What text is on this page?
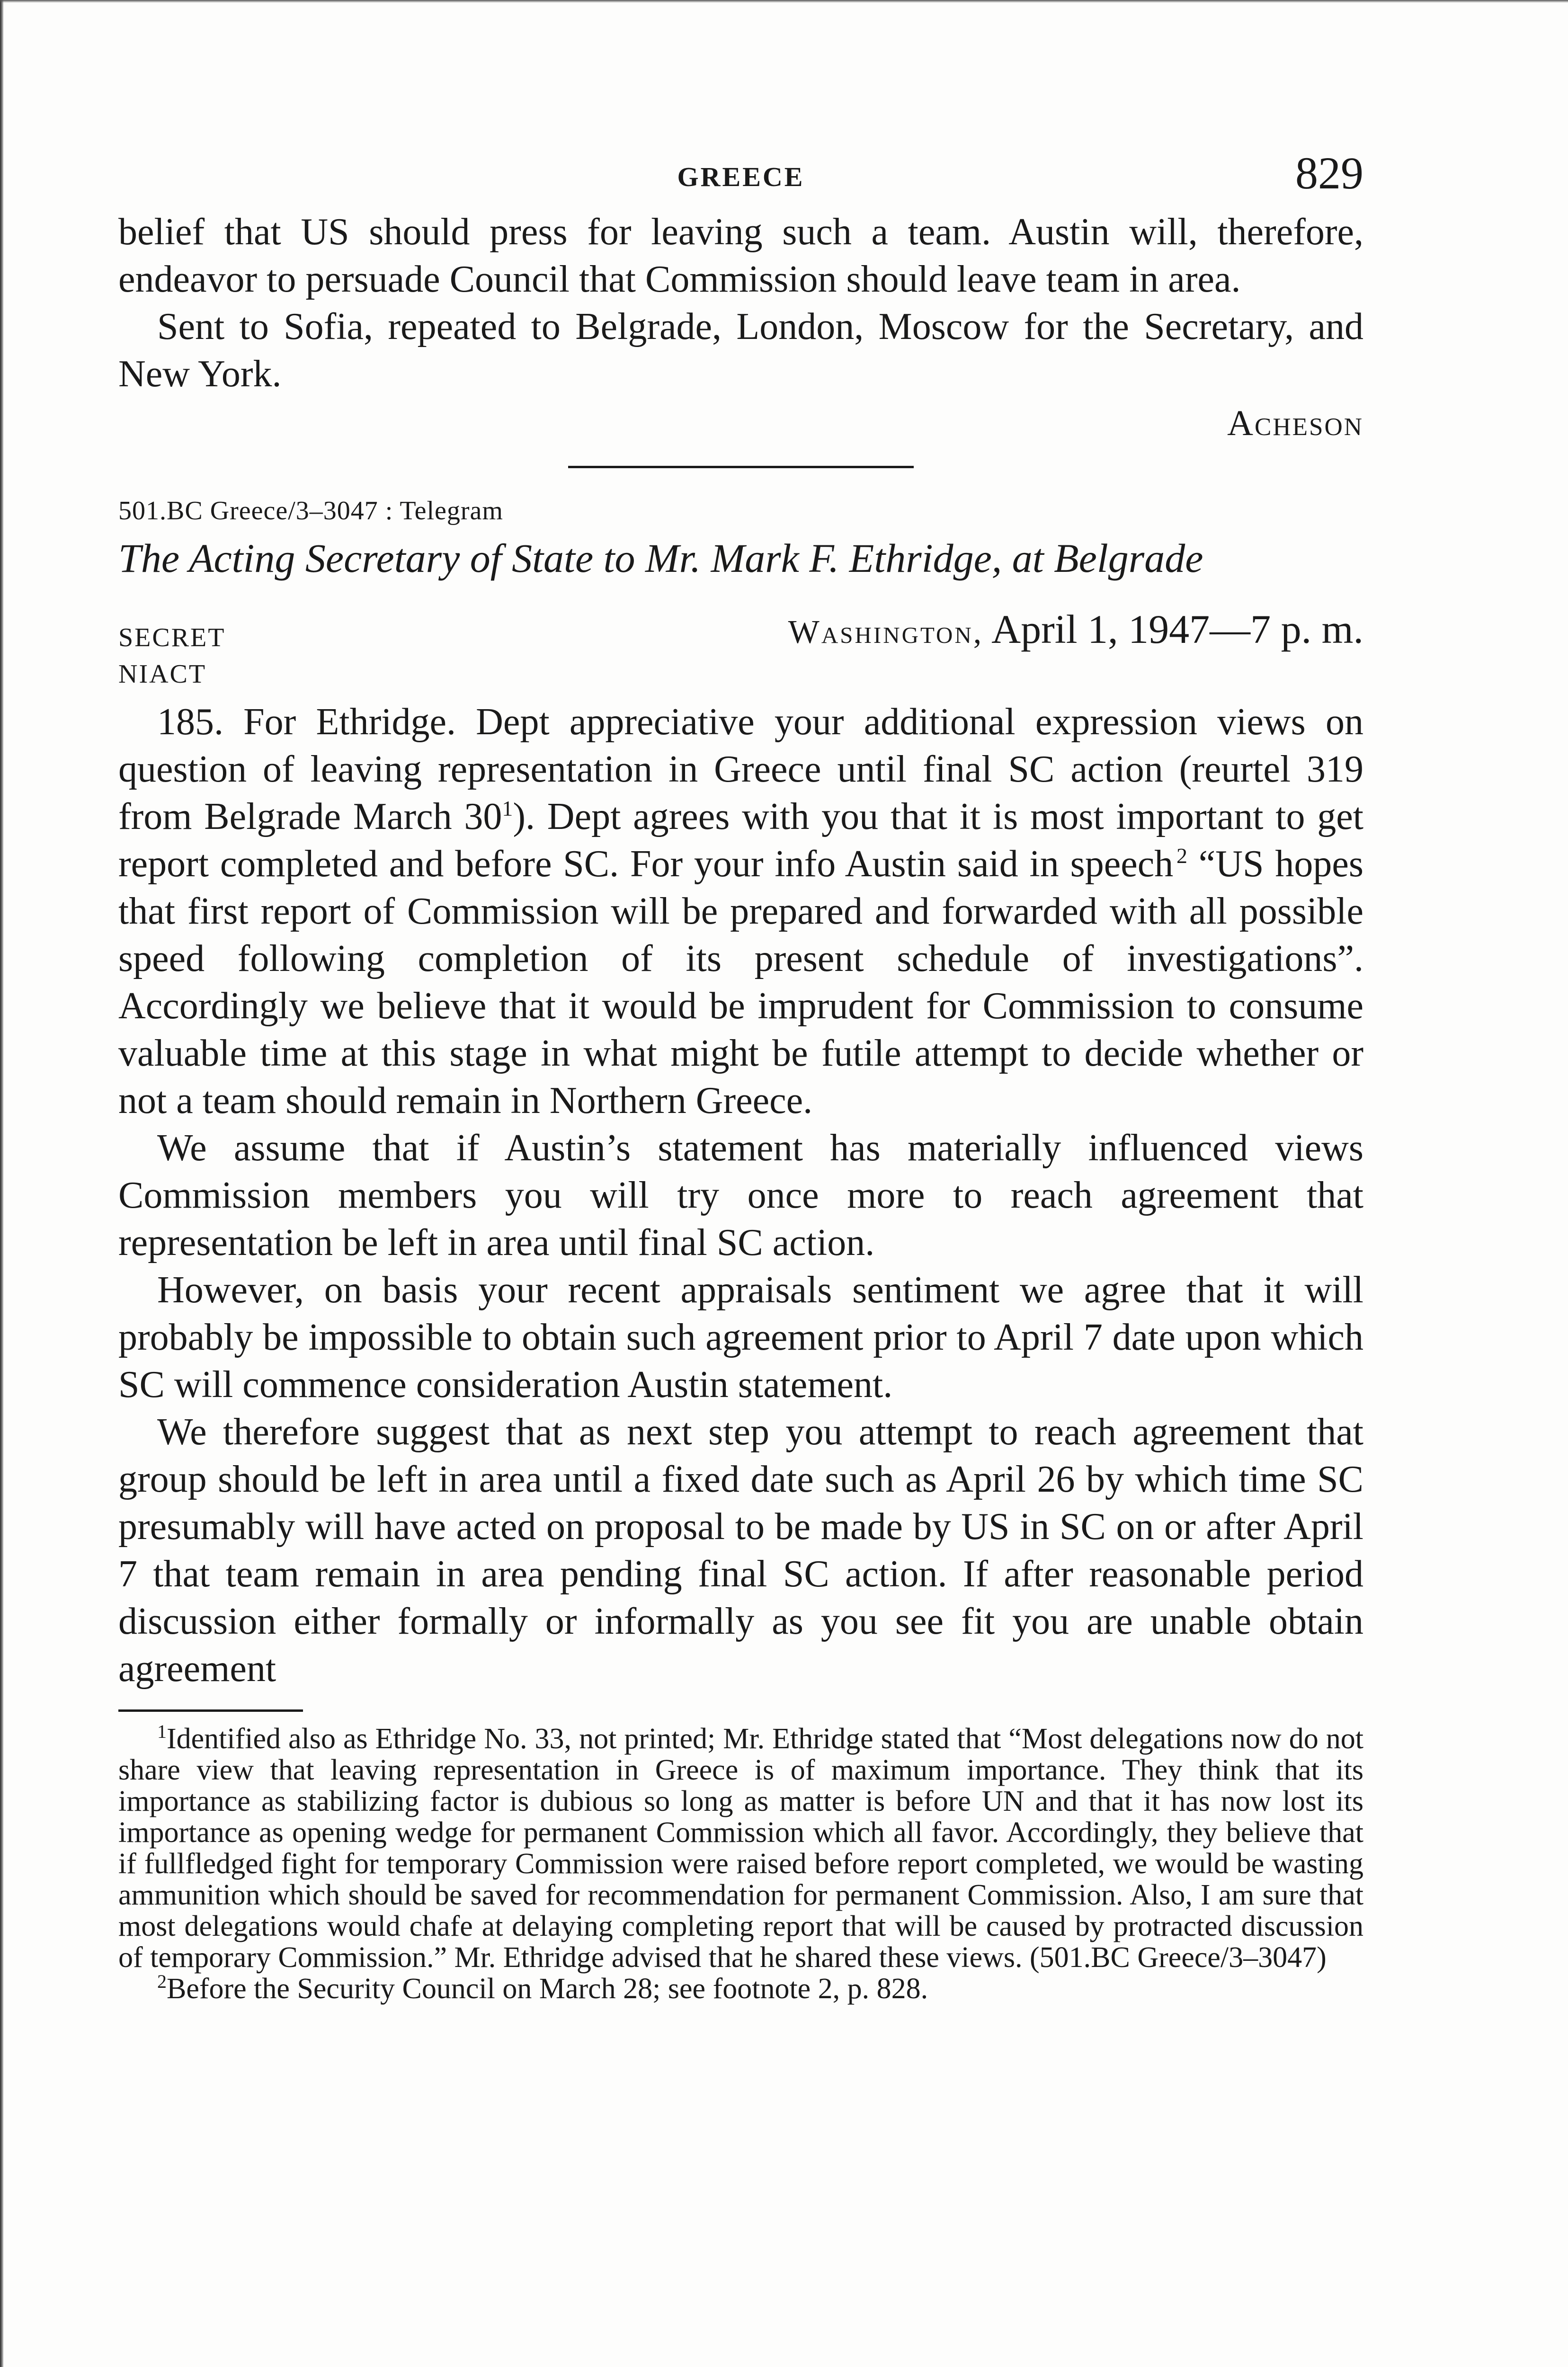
GREECE	829

belief that US should press for leaving such a team. Austin will, therefore, endeavor to persuade Council that Commission should leave team in area.

Sent to Sofia, repeated to Belgrade, London, Moscow for the Secretary, and New York.

Acheson

501.BC Greece/3–3047 : Telegram

The Acting Secretary of State to Mr. Mark F. Ethridge, at Belgrade

SECRET	Washington, April 1, 1947—7 p. m.

NIACT

185. For Ethridge. Dept appreciative your additional expression views on question of leaving representation in Greece until final SC action (reurtel 319 from Belgrade March 30$^1$). Dept agrees with you that it is most important to get report completed and before SC. For your info Austin said in speech  $^2$ “US hopes that first report of Commission will be prepared and forwarded with all possible speed following completion of its present schedule of investigations”. Accordingly we believe that it would be imprudent for Commission to consume valuable time at this stage in what might be futile attempt to decide whether or not a team should remain in Northern Greece.

We assume that if Austin’s statement has materially influenced views Commission members you will try once more to reach agreement that representation be left in area until final SC action.

However, on basis your recent appraisals sentiment we agree that it will probably be impossible to obtain such agreement prior to April 7 date upon which SC will commence consideration Austin statement.

We therefore suggest that as next step you attempt to reach agreement that group should be left in area until a fixed date such as April 26 by which time SC presumably will have acted on proposal to be made by US in SC on or after April 7 that team remain in area pending final SC action. If after reasonable period discussion either formally or informally as you see fit you are unable obtain agreement

$^1$Identified also as Ethridge No. 33, not printed; Mr. Ethridge stated that “Most delegations now do not share view that leaving representation in Greece is of maximum importance. They think that its importance as stabilizing factor is dubious so long as matter is before UN and that it has now lost its importance as opening wedge for permanent Commission which all favor. Accordingly, they believe that if fullfledged fight for temporary Commission were raised before report completed, we would be wasting ammunition which should be saved for recommendation for permanent Commission. Also, I am sure that most delegations would chafe at delaying completing report that will be caused by protracted discussion of temporary Commission.” Mr. Ethridge advised that he shared these views. (501.BC Greece/3–3047)

$^2$Before the Security Council on March 28; see footnote 2, p. 828.
